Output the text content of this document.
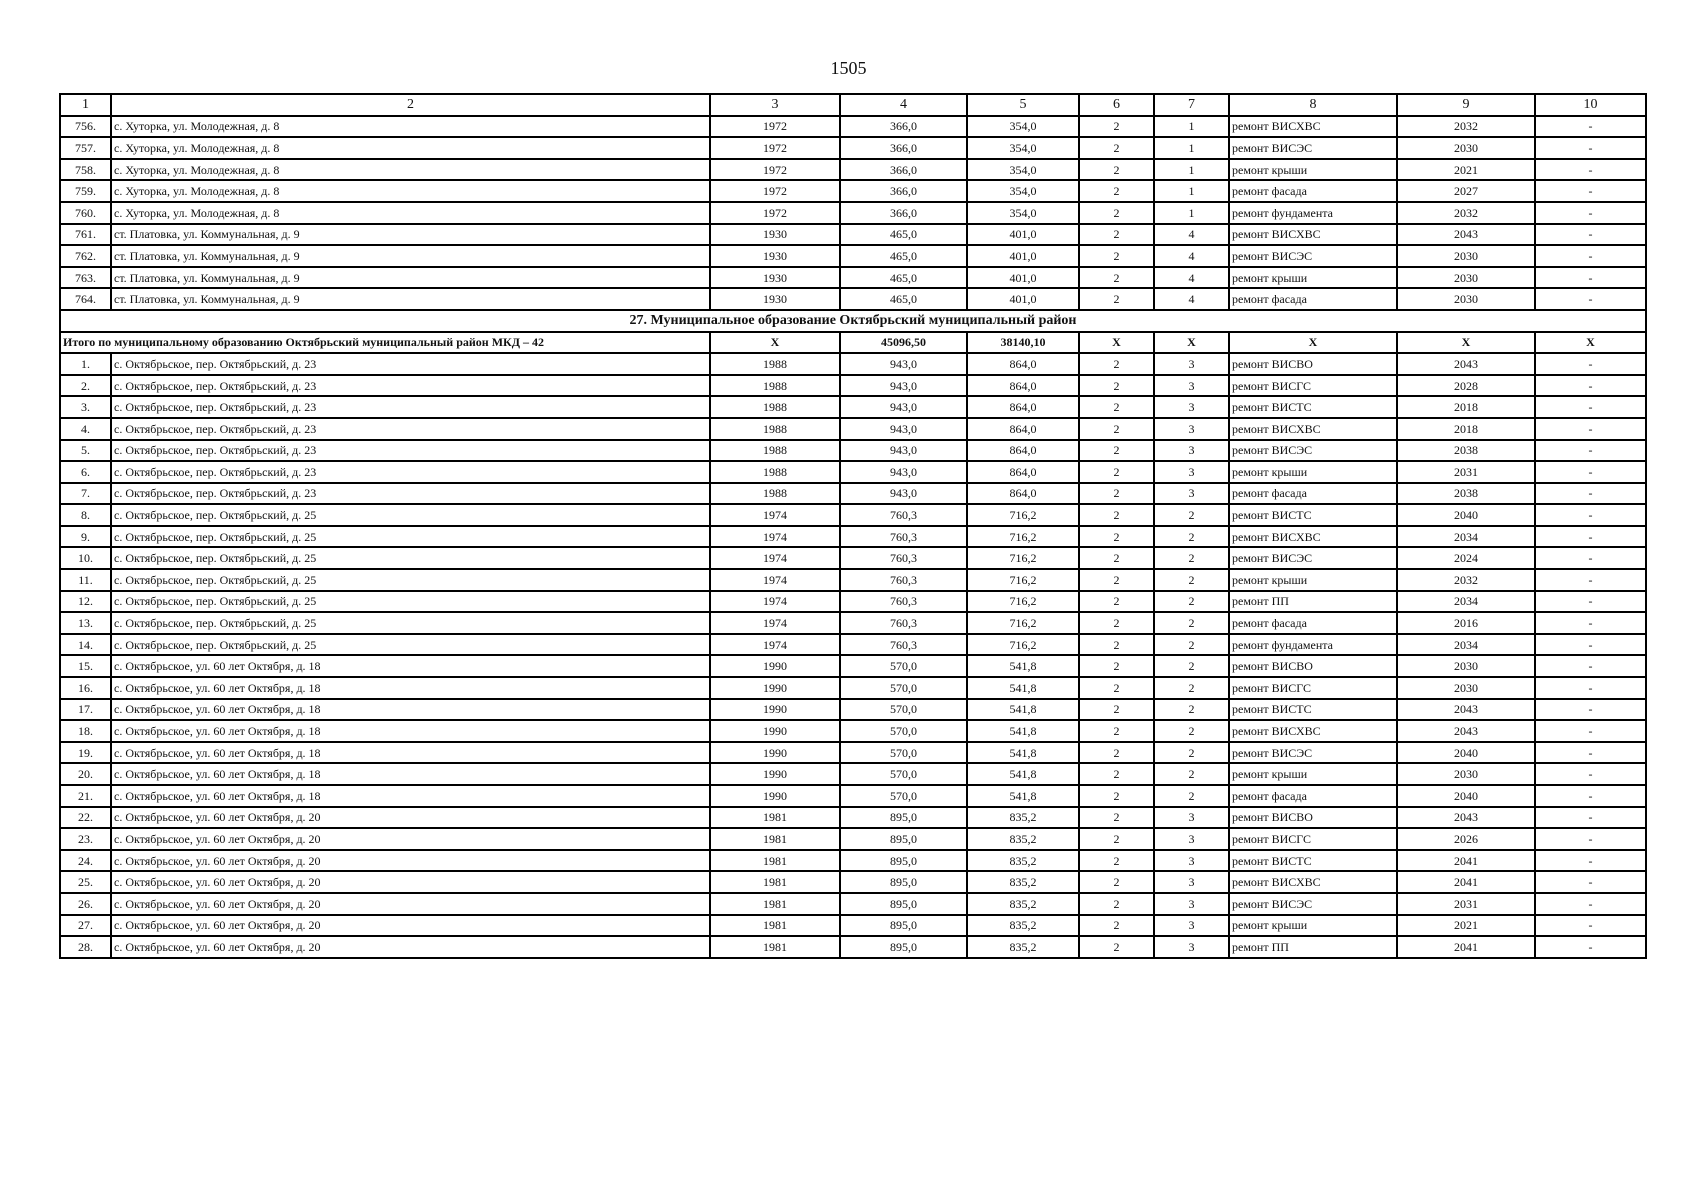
1505
1	2	3	4	5	6	7	8	9	10
756.	с. Хуторка, ул. Молодежная, д. 8	1972	366,0	354,0	2	1	ремонт ВИСХВС	2032	-
757.	с. Хуторка, ул. Молодежная, д. 8	1972	366,0	354,0	2	1	ремонт ВИСЭС	2030	-
758.	с. Хуторка, ул. Молодежная, д. 8	1972	366,0	354,0	2	1	ремонт крыши	2021	-
759.	с. Хуторка, ул. Молодежная, д. 8	1972	366,0	354,0	2	1	ремонт фасада	2027	-
760.	с. Хуторка, ул. Молодежная, д. 8	1972	366,0	354,0	2	1	ремонт фундамента	2032	-
761.	ст. Платовка, ул. Коммунальная, д. 9	1930	465,0	401,0	2	4	ремонт ВИСХВС	2043	-
762.	ст. Платовка, ул. Коммунальная, д. 9	1930	465,0	401,0	2	4	ремонт ВИСЭС	2030	-
763.	ст. Платовка, ул. Коммунальная, д. 9	1930	465,0	401,0	2	4	ремонт крыши	2030	-
764.	ст. Платовка, ул. Коммунальная, д. 9	1930	465,0	401,0	2	4	ремонт фасада	2030	-
27. Муниципальное образование Октябрьский муниципальный район									
Итого по муниципальному образованию Октябрьский муниципальный район МКД – 42		X	45096,50	38140,10	X	X	X	X	X
1.	с. Октябрьское, пер. Октябрьский, д. 23	1988	943,0	864,0	2	3	ремонт ВИСВО	2043	-
2.	с. Октябрьское, пер. Октябрьский, д. 23	1988	943,0	864,0	2	3	ремонт ВИСГС	2028	-
3.	с. Октябрьское, пер. Октябрьский, д. 23	1988	943,0	864,0	2	3	ремонт ВИСТС	2018	-
4.	с. Октябрьское, пер. Октябрьский, д. 23	1988	943,0	864,0	2	3	ремонт ВИСХВС	2018	-
5.	с. Октябрьское, пер. Октябрьский, д. 23	1988	943,0	864,0	2	3	ремонт ВИСЭС	2038	-
6.	с. Октябрьское, пер. Октябрьский, д. 23	1988	943,0	864,0	2	3	ремонт крыши	2031	-
7.	с. Октябрьское, пер. Октябрьский, д. 23	1988	943,0	864,0	2	3	ремонт фасада	2038	-
8.	с. Октябрьское, пер. Октябрьский, д. 25	1974	760,3	716,2	2	2	ремонт ВИСТС	2040	-
9.	с. Октябрьское, пер. Октябрьский, д. 25	1974	760,3	716,2	2	2	ремонт ВИСХВС	2034	-
10.	с. Октябрьское, пер. Октябрьский, д. 25	1974	760,3	716,2	2	2	ремонт ВИСЭС	2024	-
11.	с. Октябрьское, пер. Октябрьский, д. 25	1974	760,3	716,2	2	2	ремонт крыши	2032	-
12.	с. Октябрьское, пер. Октябрьский, д. 25	1974	760,3	716,2	2	2	ремонт ПП	2034	-
13.	с. Октябрьское, пер. Октябрьский, д. 25	1974	760,3	716,2	2	2	ремонт фасада	2016	-
14.	с. Октябрьское, пер. Октябрьский, д. 25	1974	760,3	716,2	2	2	ремонт фундамента	2034	-
15.	с. Октябрьское, ул. 60 лет Октября, д. 18	1990	570,0	541,8	2	2	ремонт ВИСВО	2030	-
16.	с. Октябрьское, ул. 60 лет Октября, д. 18	1990	570,0	541,8	2	2	ремонт ВИСГС	2030	-
17.	с. Октябрьское, ул. 60 лет Октября, д. 18	1990	570,0	541,8	2	2	ремонт ВИСТС	2043	-
18.	с. Октябрьское, ул. 60 лет Октября, д. 18	1990	570,0	541,8	2	2	ремонт ВИСХВС	2043	-
19.	с. Октябрьское, ул. 60 лет Октября, д. 18	1990	570,0	541,8	2	2	ремонт ВИСЭС	2040	-
20.	с. Октябрьское, ул. 60 лет Октября, д. 18	1990	570,0	541,8	2	2	ремонт крыши	2030	-
21.	с. Октябрьское, ул. 60 лет Октября, д. 18	1990	570,0	541,8	2	2	ремонт фасада	2040	-
22.	с. Октябрьское, ул. 60 лет Октября, д. 20	1981	895,0	835,2	2	3	ремонт ВИСВО	2043	-
23.	с. Октябрьское, ул. 60 лет Октября, д. 20	1981	895,0	835,2	2	3	ремонт ВИСГС	2026	-
24.	с. Октябрьское, ул. 60 лет Октября, д. 20	1981	895,0	835,2	2	3	ремонт ВИСТС	2041	-
25.	с. Октябрьское, ул. 60 лет Октября, д. 20	1981	895,0	835,2	2	3	ремонт ВИСХВС	2041	-
26.	с. Октябрьское, ул. 60 лет Октября, д. 20	1981	895,0	835,2	2	3	ремонт ВИСЭС	2031	-
27.	с. Октябрьское, ул. 60 лет Октября, д. 20	1981	895,0	835,2	2	3	ремонт крыши	2021	-
28.	с. Октябрьское, ул. 60 лет Октября, д. 20	1981	895,0	835,2	2	3	ремонт ПП	2041	-
